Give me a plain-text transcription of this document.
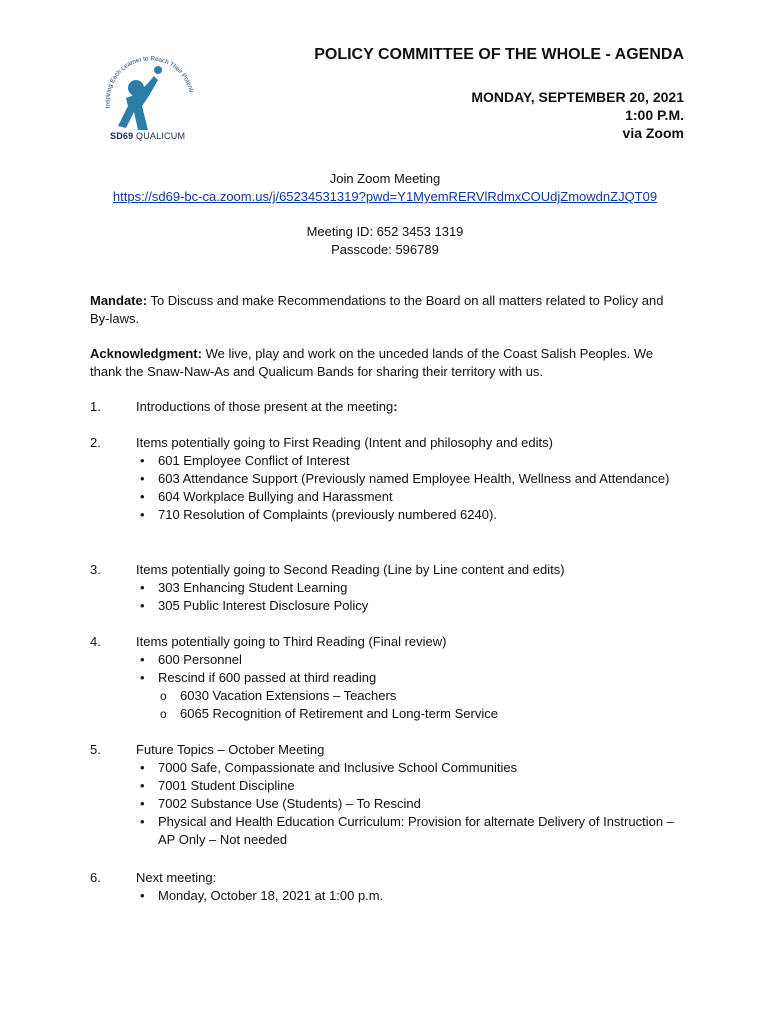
Inspiring Each Learner to Reach Their Potenti
SD69 QUALICUM
POLICY COMMITTEE OF THE WHOLE - AGENDA
MONDAY, SEPTEMBER 20, 2021
1:00 P.M.
via Zoom
Join Zoom Meeting
https://sd69-bc-ca.zoom.us/j/65234531319?pwd=Y1MyemRERVlRdmxCOUdjZmowdnZJQT09
Meeting ID: 652 3453 1319
Passcode: 596789
Mandate: To Discuss and make Recommendations to the Board on all matters related to Policy and By-laws.
Acknowledgment: We live, play and work on the unceded lands of the Coast Salish Peoples. We thank the Snaw-Naw-As and Qualicum Bands for sharing their territory with us.
1.	Introductions of those present at the meeting:
2.	Items potentially going to First Reading (Intent and philosophy and edits)
• 601 Employee Conflict of Interest
• 603 Attendance Support (Previously named Employee Health, Wellness and Attendance)
• 604 Workplace Bullying and Harassment
• 710 Resolution of Complaints (previously numbered 6240).
3.	Items potentially going to Second Reading (Line by Line content and edits)
• 303 Enhancing Student Learning
• 305 Public Interest Disclosure Policy
4.	Items potentially going to Third Reading (Final review)
• 600 Personnel
• Rescind if 600 passed at third reading
o 6030 Vacation Extensions – Teachers
o 6065 Recognition of Retirement and Long-term Service
5.	Future Topics – October Meeting
• 7000 Safe, Compassionate and Inclusive School Communities
• 7001 Student Discipline
• 7002 Substance Use (Students) – To Rescind
• Physical and Health Education Curriculum: Provision for alternate Delivery of Instruction – AP Only – Not needed
6.	Next meeting:
• Monday, October 18, 2021 at 1:00 p.m.
